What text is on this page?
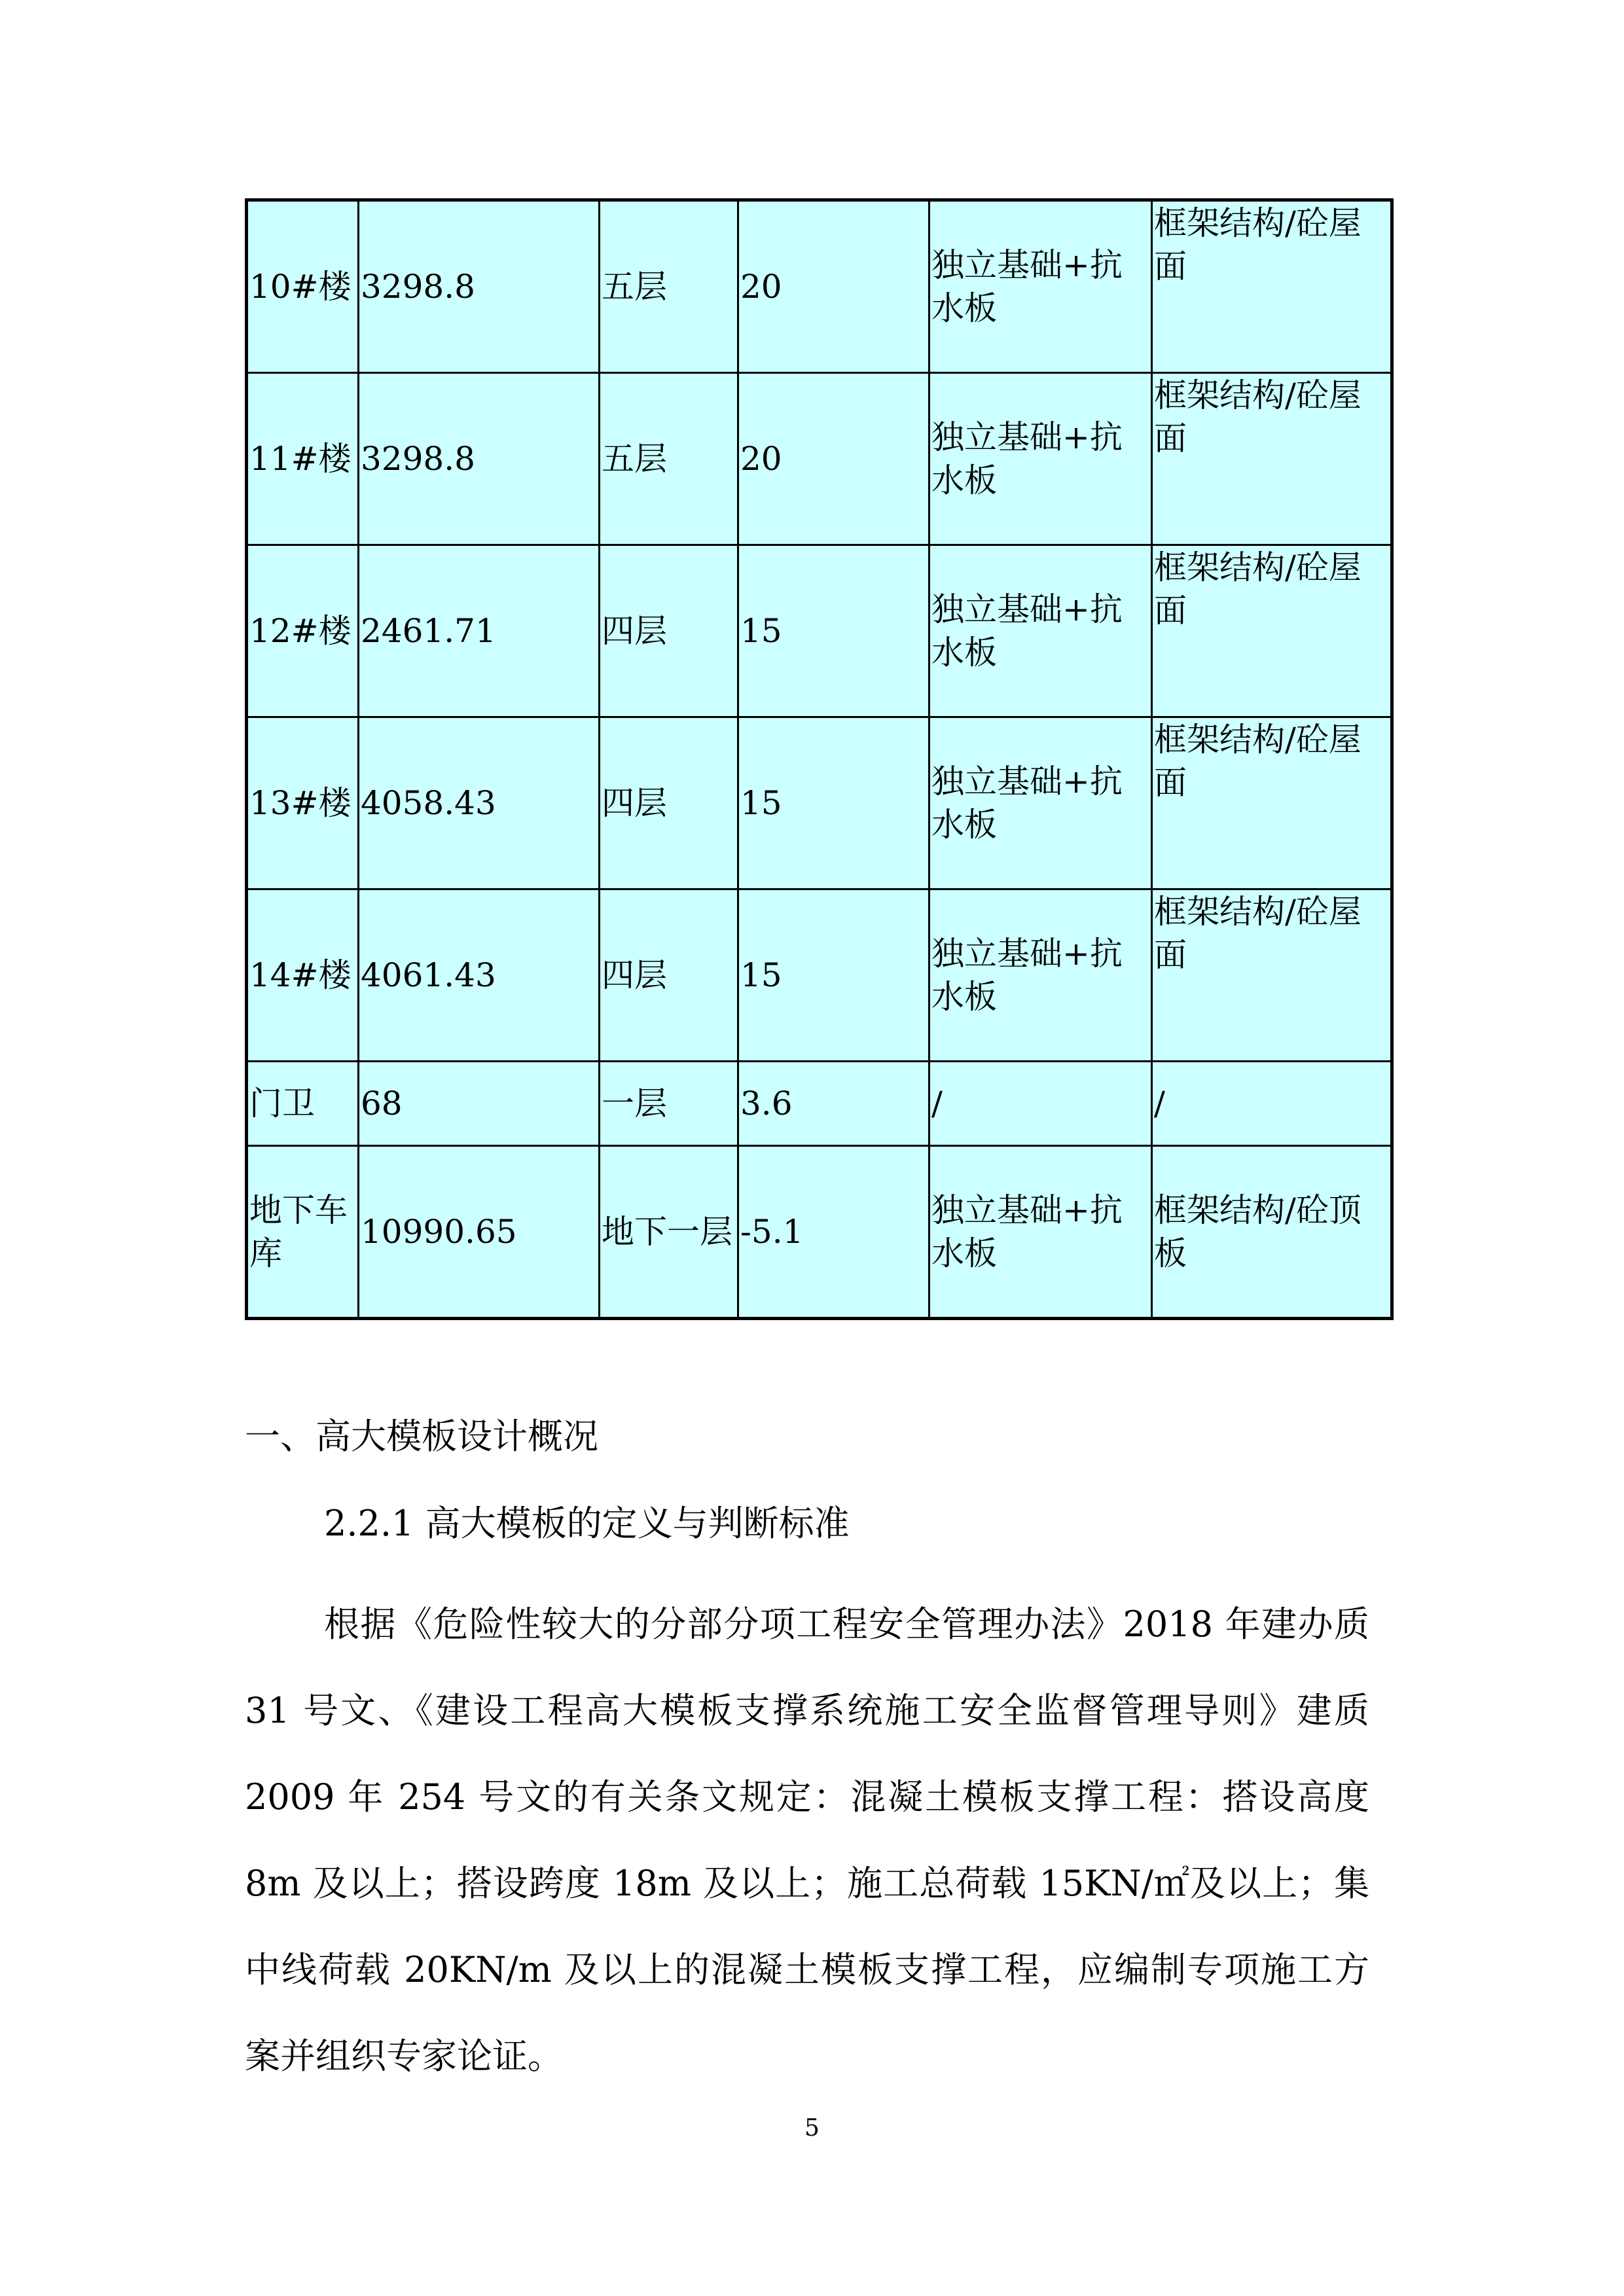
10#楼	3298.8	五层	20	独立基础+抗水板	框架结构/砼屋面
11#楼	3298.8	五层	20	独立基础+抗水板	框架结构/砼屋面
12#楼	2461.71	四层	15	独立基础+抗水板	框架结构/砼屋面
13#楼	4058.43	四层	15	独立基础+抗水板	框架结构/砼屋面
14#楼	4061.43	四层	15	独立基础+抗水板	框架结构/砼屋面
门卫	68	一层	3.6	/	/
地下车库	10990.65	地下一层	-5.1	独立基础+抗水板	框架结构/砼顶板
一、高大模板设计概况
2.2.1 高大模板的定义与判断标准

根据《危险性较大的分部分项工程安全管理办法》2018 年建办质 31 号文、《建设工程高大模板支撑系统施工安全监督管理导则》建质 2009 年 254 号文的有关条文规定：混凝土模板支撑工程：搭设高度 8m 及以上；搭设跨度 18m 及以上；施工总荷载 15KN/㎡及以上；集中线荷载 20KN/m 及以上的混凝土模板支撑工程，应编制专项施工方案并组织专家论证。

5
